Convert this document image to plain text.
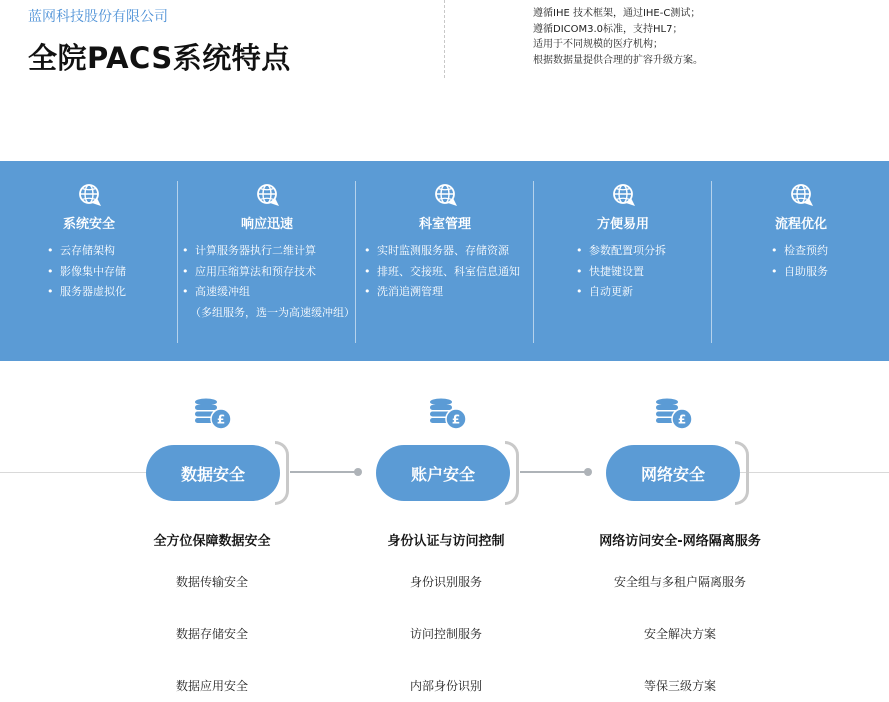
蓝网科技股份有限公司
全院PACS系统特点
遵循IHE 技术框架，通过IHE-C测试；
遵循DICOM3.0标准，支持HL7；
适用于不同规模的医疗机构；
根据数据量提供合理的扩容升级方案。
系统安全
• 云存储架构
• 影像集中存储
• 服务器虚拟化
响应迅速
• 计算服务器执行二维计算
• 应用压缩算法和预存技术
• 高速缓冲组
（多组服务，选一为高速缓冲组）
科室管理
• 实时监测服务器、存储资源
• 排班、交接班、科室信息通知
• 洗消追溯管理
方便易用
• 参数配置项分拆
• 快捷键设置
• 自动更新
流程优化
• 检查预约
• 自助服务
£
数据安全
£
账户安全
£
网络安全
全方位保障数据安全
数据传输安全
数据存储安全
数据应用安全
身份认证与访问控制
身份识别服务
访问控制服务
内部身份识别
网络访问安全-网络隔离服务
安全组与多租户隔离服务
安全解决方案
等保三级方案
